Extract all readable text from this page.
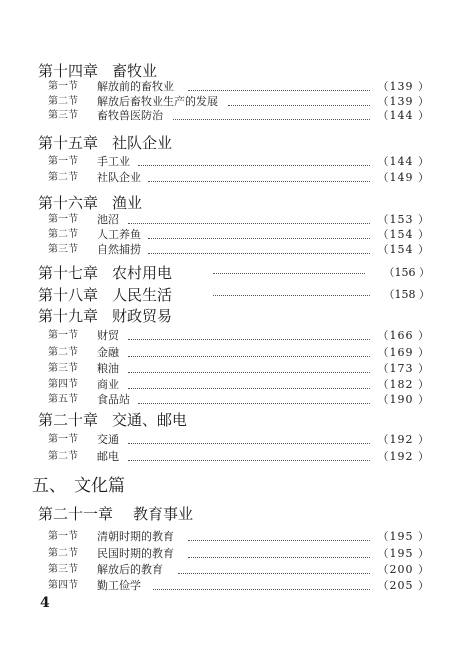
第十四章 畜牧业
第一节 解放前的畜牧业	（139 ）
第二节 解放后畜牧业生产的发展	（139 ）
第三节 畜牧兽医防治	（144 ）
第十五章 社队企业
第一节 手工业	（144 ）
第二节 社队企业	（149 ）
第十六章 渔业
第一节 池沼	（153 ）
第二节 人工养鱼	（154 ）
第三节 自然捕捞	（154 ）
第十七章 农村用电	（156 ）
第十八章 人民生活	（158 ）
第十九章 财政贸易
第一节 财贸	（166 ）
第二节 金融	（169 ）
第三节 粮油	（173 ）
第四节 商业	（182 ）
第五节 食品站	（190 ）
第二十章 交通、邮电
第一节 交通	（192 ）
第二节 邮电	（192 ）
五、 文化篇
第二十一章 教育事业
第一节 清朝时期的教育	（195 ）
第二节 民国时期的教育	（195 ）
第三节 解放后的教育	（200 ）
第四节 勤工俭学	（205 ）
4
